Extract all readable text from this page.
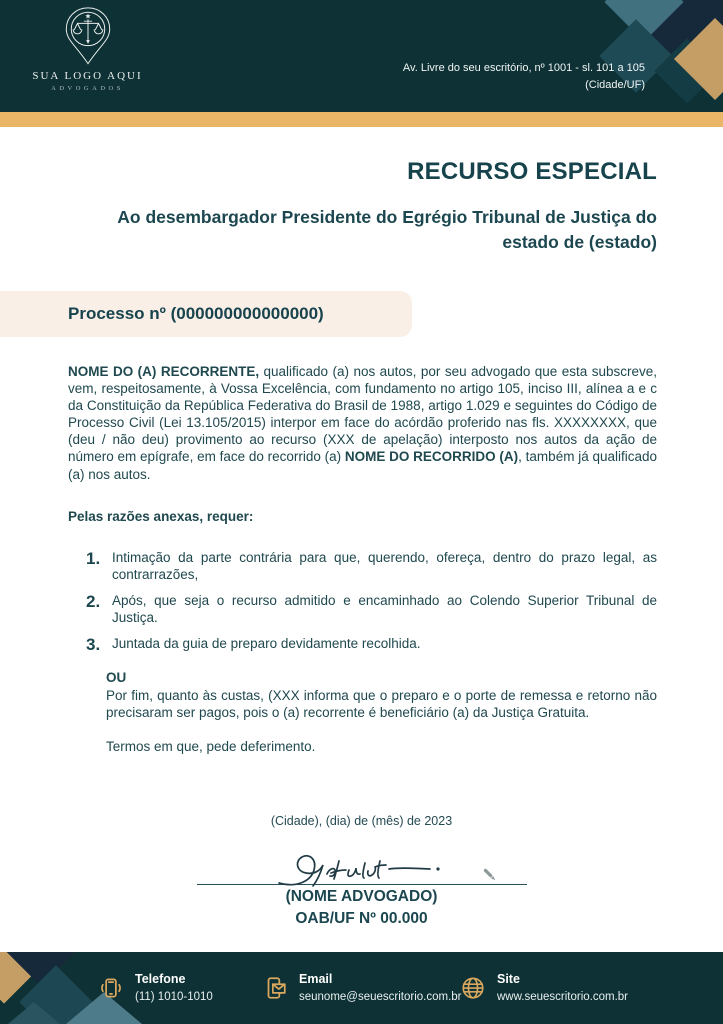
SUA LOGO AQUI
ADVOGADOS
Av. Livre do seu escritório, nº 1001 - sl. 101 a 105
(Cidade/UF)
RECURSO ESPECIAL
Ao desembargador Presidente do Egrégio Tribunal de Justiça do estado de (estado)
Processo nº (000000000000000)

NOME DO (A) RECORRENTE, qualificado (a) nos autos, por seu advogado que esta subscreve, vem, respeitosamente, à Vossa Excelência, com fundamento no artigo 105, inciso III, alínea a e c da Constituição da República Federativa do Brasil de 1988, artigo 1.029 e seguintes do Código de Processo Civil (Lei 13.105/2015) interpor em face do acórdão proferido nas fls. XXXXXXXX, que (deu / não deu) provimento ao recurso (XXX de apelação) interposto nos autos da ação de número em epígrafe, em face do recorrido (a) NOME DO RECORRIDO (A), também já qualificado (a) nos autos.

Pelas razões anexas, requer:

1. Intimação da parte contrária para que, querendo, ofereça, dentro do prazo legal, as contrarrazões,
2. Após, que seja o recurso admitido e encaminhado ao Colendo Superior Tribunal de Justiça.
3. Juntada da guia de preparo devidamente recolhida.

OU

Por fim, quanto às custas, (XXX informa que o preparo e o porte de remessa e retorno não precisaram ser pagos, pois o (a) recorrente é beneficiário (a) da Justiça Gratuita.

Termos em que, pede deferimento.

(Cidade), (dia) de (mês) de 2023

(NOME ADVOGADO)
OAB/UF Nº 00.000
Telefone
(11) 1010-1010
Email
seunome@seuescritorio.com.br
Site
www.seuescritorio.com.br
